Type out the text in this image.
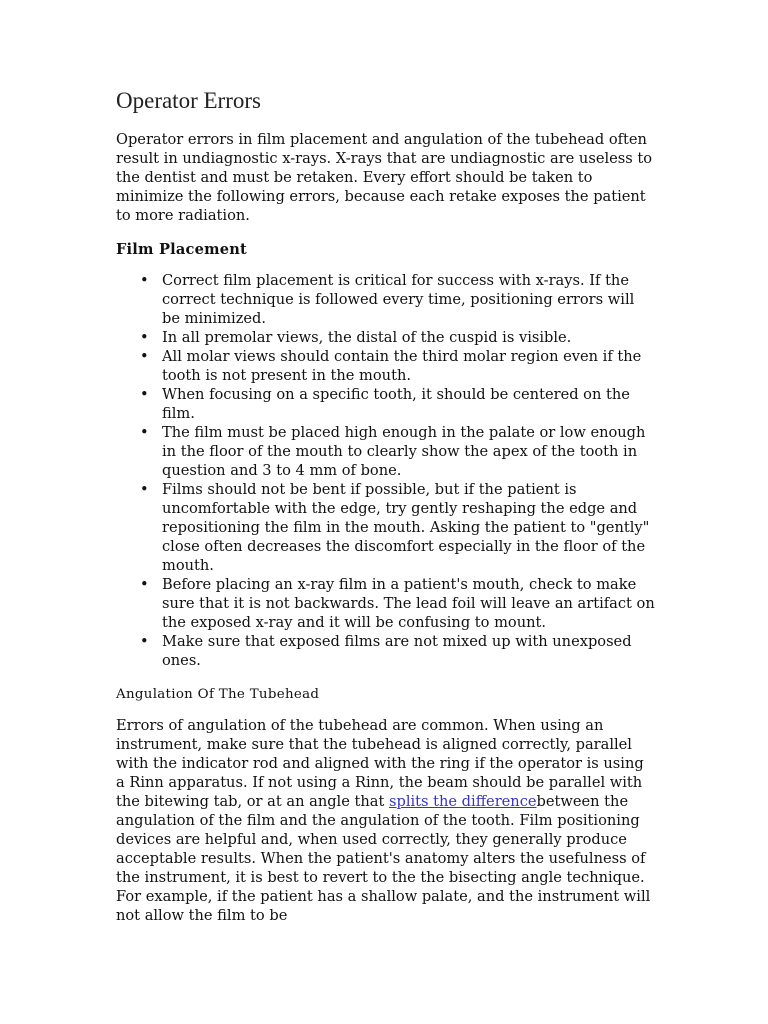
Operator Errors

Operator errors in film placement and angulation of the tubehead often result in undiagnostic x-rays. X-rays that are undiagnostic are useless to the dentist and must be retaken. Every effort should be taken to minimize the following errors, because each retake exposes the patient to more radiation.

Film Placement
• Correct film placement is critical for success with x-rays. If the correct technique is followed every time, positioning errors will be minimized.
• In all premolar views, the distal of the cuspid is visible.
• All molar views should contain the third molar region even if the tooth is not present in the mouth.
• When focusing on a specific tooth, it should be centered on the film.
• The film must be placed high enough in the palate or low enough in the floor of the mouth to clearly show the apex of the tooth in question and 3 to 4 mm of bone.
• Films should not be bent if possible, but if the patient is uncomfortable with the edge, try gently reshaping the edge and repositioning the film in the mouth. Asking the patient to "gently" close often decreases the discomfort especially in the floor of the mouth.
• Before placing an x-ray film in a patient's mouth, check to make sure that it is not backwards. The lead foil will leave an artifact on the exposed x-ray and it will be confusing to mount.
• Make sure that exposed films are not mixed up with unexposed ones.
Angulation Of The Tubehead

Errors of angulation of the tubehead are common. When using an instrument, make sure that the tubehead is aligned correctly, parallel with the indicator rod and aligned with the ring if the operator is using a Rinn apparatus. If not using a Rinn, the beam should be parallel with the bitewing tab, or at an angle that splits the differencebetween the angulation of the film and the angulation of the tooth. Film positioning devices are helpful and, when used correctly, they generally produce acceptable results. When the patient's anatomy alters the usefulness of the instrument, it is best to revert to the the bisecting angle technique. For example, if the patient has a shallow palate, and the instrument will not allow the film to be
